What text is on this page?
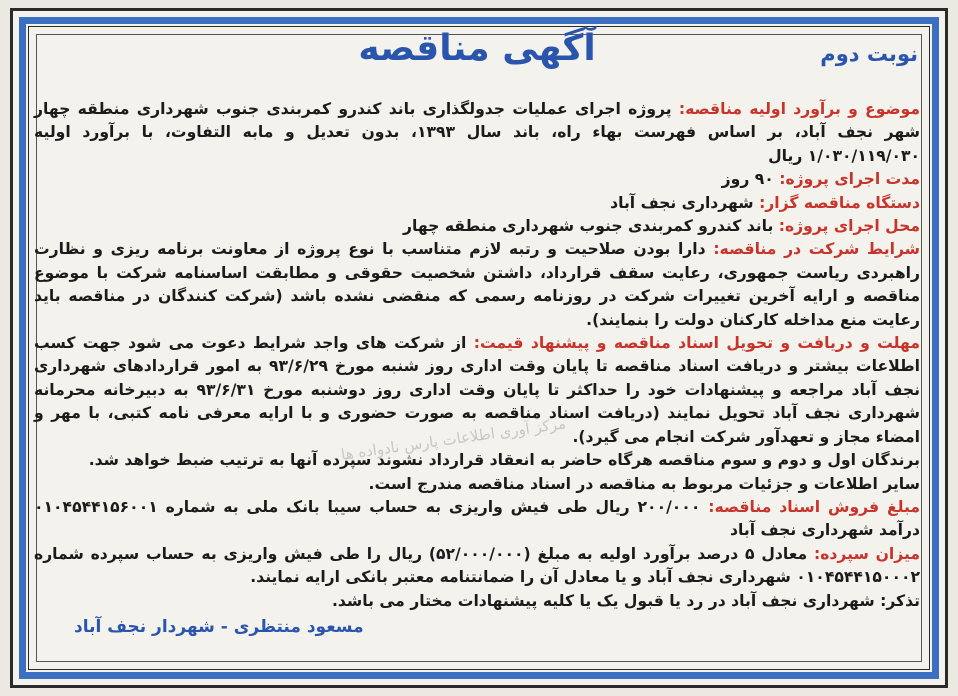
آگهی مناقصه	نوبت دوم

موضوع و برآورد اولیه مناقصه: پروژه اجرای عملیات جدولگذاری باند کندرو کمربندی جنوب شهرداری منطقه چهار شهر نجف آباد، بر اساس فهرست بهاء راه، باند سال ۱۳۹۳، بدون تعدیل و مابه التفاوت، با برآورد اولیه ۱/۰۳۰/۱۱۹/۰۳۰ ریال

مدت اجرای پروژه: ۹۰ روز

دستگاه مناقصه گزار: شهرداری نجف آباد

محل اجرای پروژه: باند کندرو کمربندی جنوب شهرداری منطقه چهار

شرایط شرکت در مناقصه: دارا بودن صلاحیت و رتبه لازم متناسب با نوع پروژه از معاونت برنامه ریزی و نظارت راهبردی ریاست جمهوری، رعایت سقف قرارداد، داشتن شخصیت حقوقی و مطابقت اساسنامه شرکت با موضوع مناقصه و ارایه آخرین تغییرات شرکت در روزنامه رسمی که منقضی نشده باشد (شرکت کنندگان در مناقصه باید رعایت منع مداخله کارکنان دولت را بنمایند).

مهلت و دریافت و تحویل اسناد مناقصه و پیشنهاد قیمت: از شرکت های واجد شرایط دعوت می شود جهت کسب اطلاعات بیشتر و دریافت اسناد مناقصه تا پایان وقت اداری روز شنبه مورخ ۹۳/۶/۲۹ به امور قراردادهای شهرداری نجف آباد مراجعه و پیشنهادات خود را حداکثر تا پایان وقت اداری روز دوشنبه مورخ ۹۳/۶/۳۱ به دبیرخانه محرمانه شهرداری نجف آباد تحویل نمایند (دریافت اسناد مناقصه به صورت حضوری و با ارایه معرفی نامه کتبی، با مهر و امضاء مجاز و تعهدآور شرکت انجام می گیرد).

برندگان اول و دوم و سوم مناقصه هرگاه حاضر به انعقاد قرارداد نشوند سپرده آنها به ترتیب ضبط خواهد شد.

سایر اطلاعات و جزئیات مربوط به مناقصه در اسناد مناقصه مندرج است.

مبلغ فروش اسناد مناقصه: ۲۰۰/۰۰۰ ریال طی فیش واریزی به حساب سیبا بانک ملی به شماره ۰۱۰۴۵۴۴۱۵۶۰۰۱ درآمد شهرداری نجف آباد

میزان سپرده: معادل ۵ درصد برآورد اولیه به مبلغ (۵۲/۰۰۰/۰۰۰) ریال را طی فیش واریزی به حساب سپرده شماره ۰۱۰۴۵۴۴۱۵۰۰۰۲ شهرداری نجف آباد و یا معادل آن را ضمانتنامه معتبر بانکی ارایه نمایند.

تذکر: شهرداری نجف آباد در رد یا قبول یک یا کلیه پیشنهادات مختار می باشد.

مسعود منتظری - شهردار نجف آباد
مرکز آوری اطلاعات پارس نادواده ها
